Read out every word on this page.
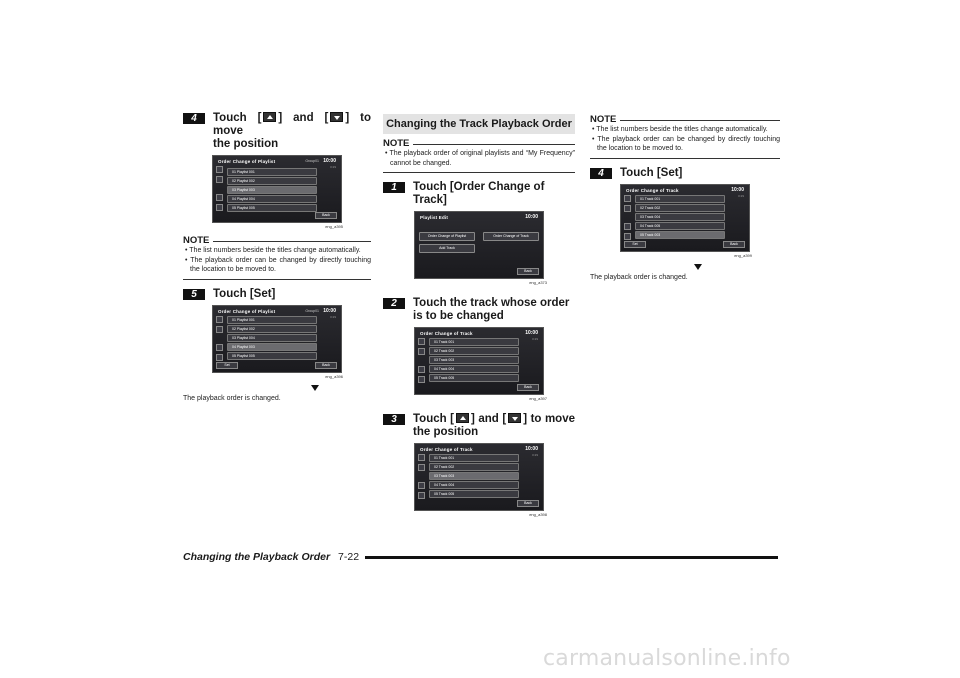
4	Touch [ ] and [ ] to move
the position
Order Change of Playlist	Group01 10:00
0:29
01 Playlist 001
02 Playlist 002
03 Playlist 003
04 Playlist 004
05 Playlist 005
Back
eng_a395
NOTE
• The list numbers beside the titles change automatically.
• The playback order can be changed by directly touching the location to be moved to.
5	Touch [Set]
Order Change of Playlist	Group01 10:00
0:29
01 Playlist 001
02 Playlist 002
03 Playlist 004
04 Playlist 003
05 Playlist 005
Set	Back
eng_a396
The playback order is changed.
Changing the Track Playback Order
NOTE
• The playback order of original playlists and “My Frequency” cannot be changed.
1	Touch [Order Change of Track]
Playlist Edit	10:00
Order Change of Playlist	Order Change of Track
Add Track
Back
eng_a373
2	Touch the track whose order is to be changed
Order Change of Track	10:00
0:29
01 Track 001
02 Track 002
03 Track 003
04 Track 004
05 Track 005
Back
eng_a397
3	Touch [ ] and [ ] to move
the position
Order Change of Track	10:00
0:29
01 Track 001
02 Track 002
03 Track 003
04 Track 004
05 Track 005
Back
eng_a398
NOTE
• The list numbers beside the titles change automatically.
• The playback order can be changed by directly touching the location to be moved to.
4	Touch [Set]
Order Change of Track	10:00
0:29
01 Track 001
02 Track 002
03 Track 004
04 Track 005
05 Track 003
Set	Back
eng_a399
The playback order is changed.
Changing the Playback Order 7-22
carmanualsonline.info
